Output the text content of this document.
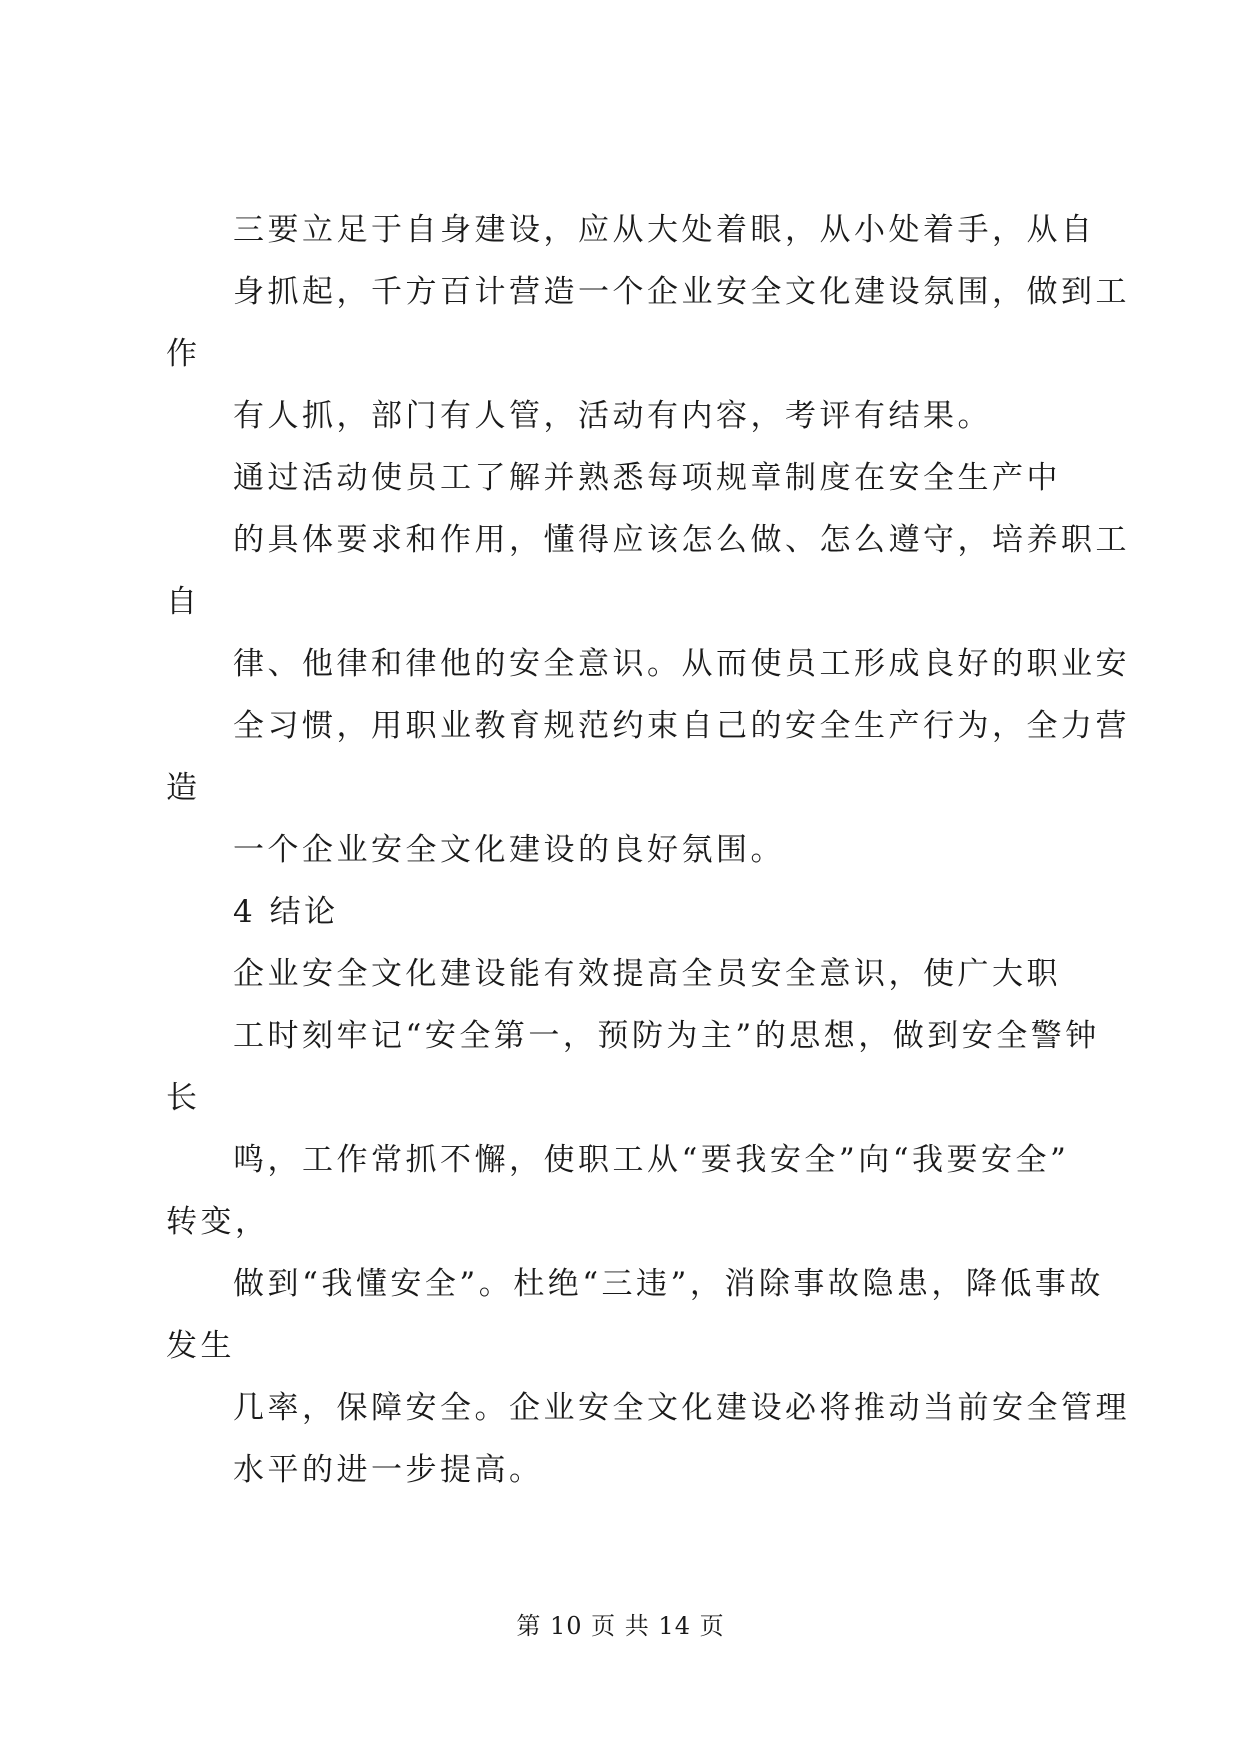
三要立足于自身建设，应从大处着眼，从小处着手，从自
身抓起，千方百计营造一个企业安全文化建设氛围，做到工
作
有人抓，部门有人管，活动有内容，考评有结果。
通过活动使员工了解并熟悉每项规章制度在安全生产中
的具体要求和作用，懂得应该怎么做、怎么遵守，培养职工
自
律、他律和律他的安全意识。从而使员工形成良好的职业安
全习惯，用职业教育规范约束自己的安全生产行为，全力营
造
一个企业安全文化建设的良好氛围。
4 结论
企业安全文化建设能有效提高全员安全意识，使广大职
工时刻牢记“安全第一，预防为主”的思想，做到安全警钟
长
鸣，工作常抓不懈，使职工从“要我安全”向“我要安全”
转变，
做到“我懂安全”。杜绝“三违”，消除事故隐患，降低事故
发生
几率，保障安全。企业安全文化建设必将推动当前安全管理
水平的进一步提高。
第 10 页 共 14 页
